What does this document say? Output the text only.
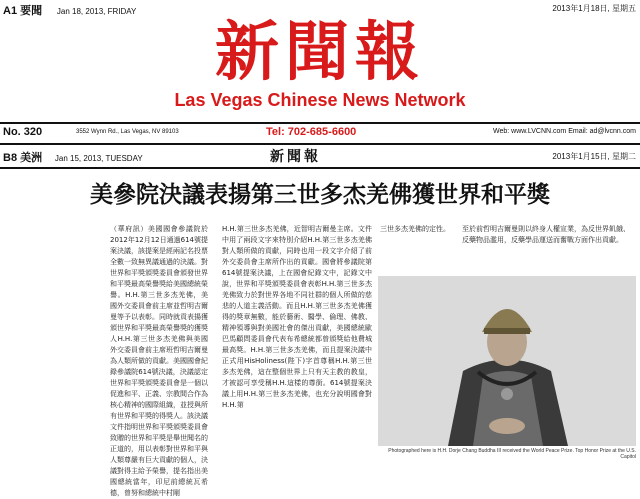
A1 要聞 Jan 18, 2013, FRIDAY	2013年1月18日, 星期五
新聞報
Las Vegas Chinese News Network
No. 320	3552 Wynn Rd., Las Vegas, NV 89103	Tel: 702-685-6600	Web: www.LVCNN.com Email: ad@lvcnn.com
B8 美洲 Jan 15, 2013, TUESDAY	新聞報	2013年1月15日, 星期二
美參院決議表揚第三世多杰羌佛獲世界和平獎
（華府訊）美國國會參議院於2012年12月12日通過614號提案決議，該提案是經兩記名投票全數一致無異議通過的決議。對世界和平獎頒獎委員會頒發世界和平獎最高榮譽獎給美國總統榮譽。H.H.第三世多杰羌佛，美國外交委員會前主席並哲明吉爾曼等予以表彰。同時就貢表揚獲頒世界和平獎最高榮譽獎的獲獎人H.H.第三世多杰羌佛與美國外交委員會前主席班哲明吉爾曼為人類所做的貢獻。美國國會紀錄參議院614號決議，決議認定世界和平獎頒獎委員會是一個以促進和平、正義、宗教間合作為核心精神的國際組織，並授與所有世界和平獎的得獎人。該決議文件指明世界和平獎頒獎委員會致贈的世界和平獎是舉世聞名的正道的，用以表彰對世界和平與人類尊嚴有巨大貢獻的個人，決議對得主給予榮譽，提名指出美國總統當年，印尼前總統瓦希德，曾努和總統中村剛
H.H.第三世多杰羌佛，近智明吉爾曼主席。文件中用了兩段文字來特別介紹H.H.第三世多杰羌佛對人類所做的貢獻，同時也用一段文字介紹了前外交委員會主席所作出的貢獻。國會將參議院第614號提案決議，上在國會紀錄文中，記錄文中說，世界和平獎頒獎委員會表彰H.H.第三世多杰羌佛致力於對世界各地不同社群的個人所做的慈悲的人道主義活動。而且H.H.第三世多杰羌佛獲得的獎章無數，能於藝術、醫學、倫理、佛教、精神領導與對美國社會的傑出貢獻，美國總統歐巴馬顧問委員會代表布希總統都曾頒獎給他費城最高獎。H.H.第三世多杰羌佛，而且提案決議中正式用HisHoliness(陛下)字首尊稱H.H.第三世多杰羌佛，這在整個世界上只有天主教的教皇，才被認可享受稱H.H.這樣的尊銜。614號提案決議上用H.H.第三世多杰羌佛，也充分說明國會對H.H.第
三世多杰羌佛的定性。 至於前哲明吉爾曼則以終身人權宣業，為反世界飢餓、反藥物品濫用，反藥學品運送而奮戰方面作出貢獻。
Photographed here is H.H. Dorje Chang Buddha III received the World Peace Prize. Top Honor Prize at the U.S. Capitol
